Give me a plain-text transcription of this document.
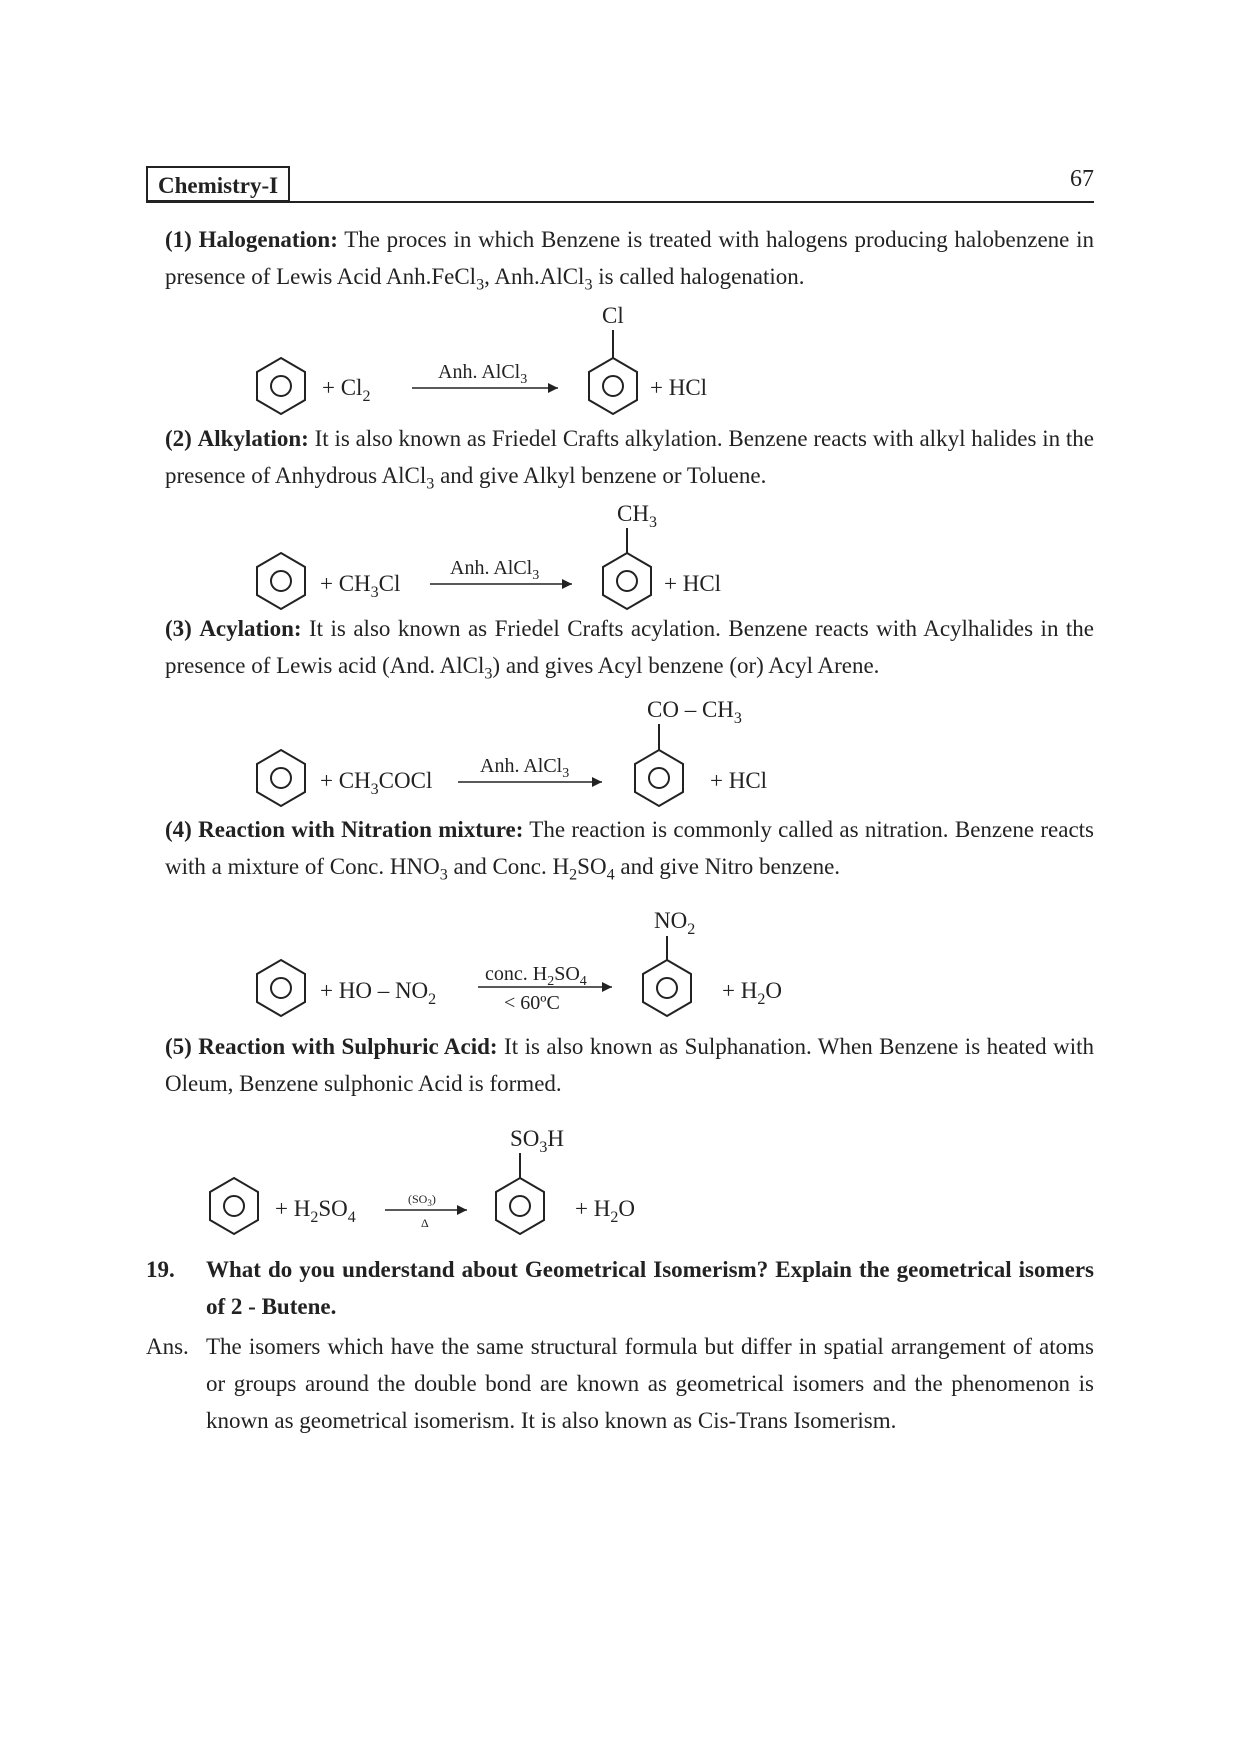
Chemistry-I	67
(1) Halogenation: The proces in which Benzene is treated with halogens producing halobenzene in presence of Lewis Acid Anh.FeCl$_3$, Anh.AlCl$_3$ is called halogenation.
+ $Cl_2$
Anh. AlCl$_3$
Cl
+ HCl
(2) Alkylation: It is also known as Friedel Crafts alkylation. Benzene reacts with alkyl halides in the presence of Anhydrous AlCl$_3$ and give Alkyl benzene or Toluene.
+ $CH_3Cl$
Anh. AlCl$_3$
$CH_3$
+ HCl
(3) Acylation: It is also known as Friedel Crafts acylation. Benzene reacts with Acylhalides in the presence of Lewis acid (And. AlCl$_3$) and gives Acyl benzene (or) Acyl Arene.
+ $CH_3COCl$
Anh. AlCl$_3$
CO – $CH_3$
+ HCl
(4) Reaction with Nitration mixture: The reaction is commonly called as nitration. Benzene reacts with a mixture of Conc. $HNO_3$ and Conc. $H_2SO_4$ and give Nitro benzene.
+ HO – $NO_2$
conc. $H_2SO_4$
< 60ºC
$NO_2$
+ $H_2O$
(5) Reaction with Sulphuric Acid: It is also known as Sulphanation. When Benzene is heated with Oleum, Benzene sulphonic Acid is formed.
+ $H_2SO_4$
$(SO_3)$
Δ
$SO_3H$
+ $H_2O$
19.	What do you understand about Geometrical Isomerism? Explain the geometrical isomers of 2 - Butene.
Ans. The isomers which have the same structural formula but differ in spatial arrangement of atoms or groups around the double bond are known as geometrical isomers and the phenomenon is known as geometrical isomerism. It is also known as Cis-Trans Isomerism.
